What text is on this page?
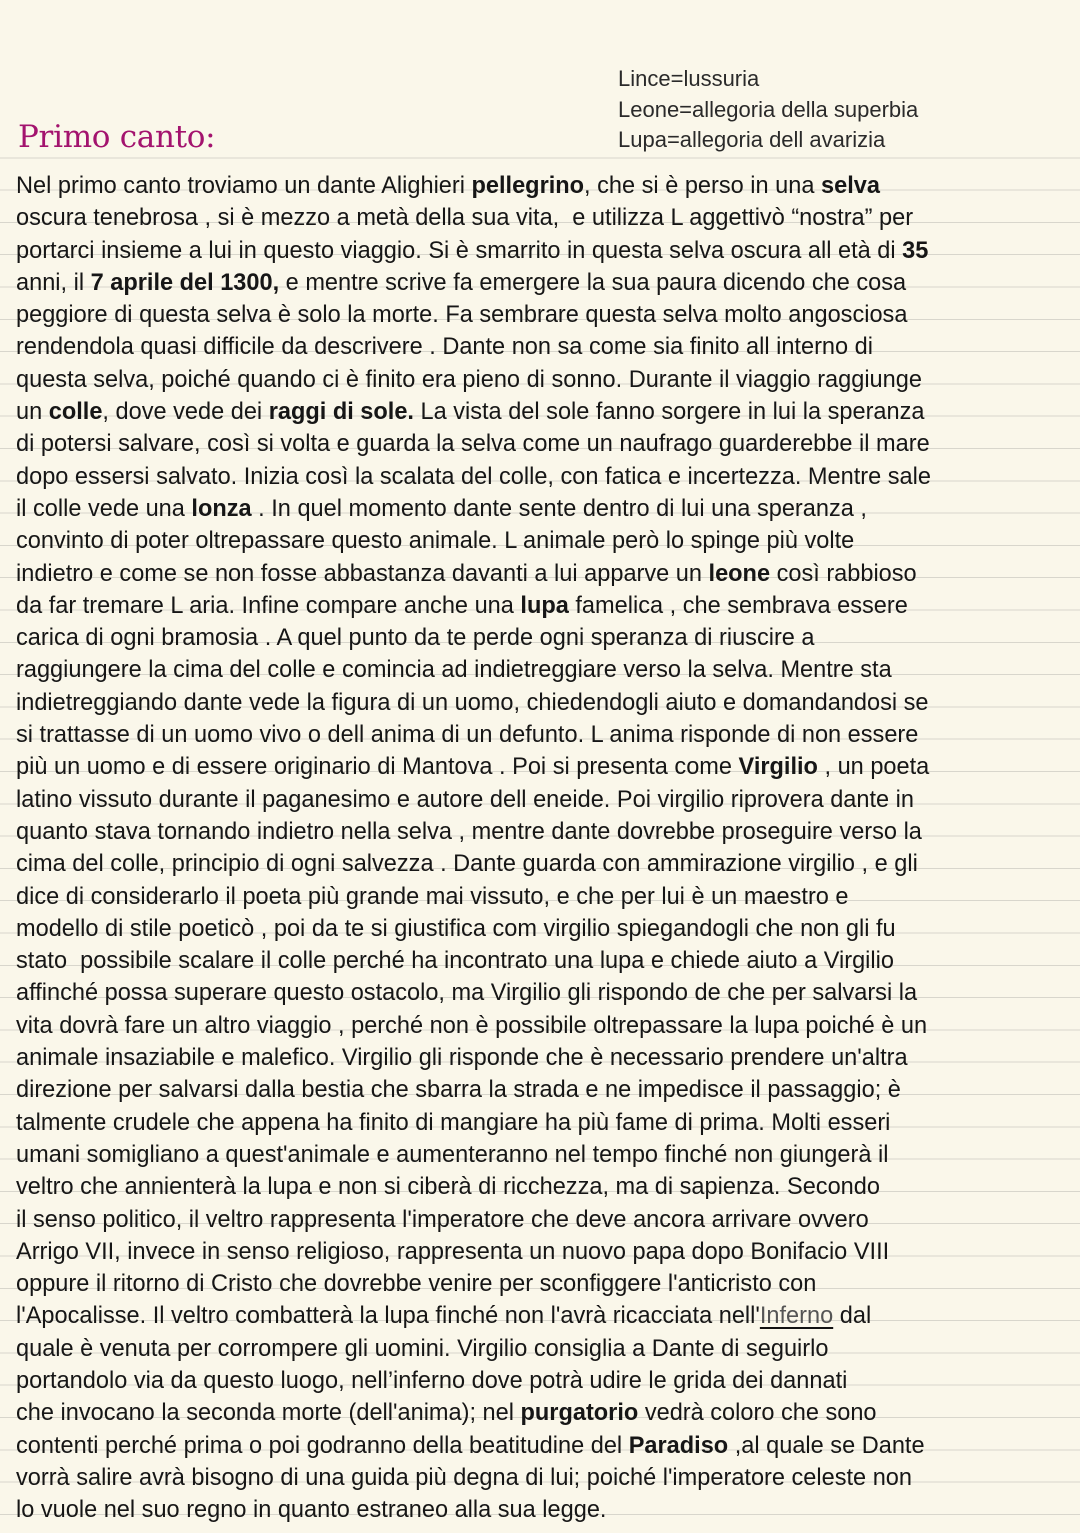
Lince=lussuria
Leone=allegoria della superbia
Lupa=allegoria dell avarizia
Primo canto:
Nel primo canto troviamo un dante Alighieri pellegrino, che si è perso in una selva
oscura tenebrosa , si è mezzo a metà della sua vita,  e utilizza L aggettivò “nostra” per
portarci insieme a lui in questo viaggio. Si è smarrito in questa selva oscura all età di 35
anni, il 7 aprile del 1300, e mentre scrive fa emergere la sua paura dicendo che cosa
peggiore di questa selva è solo la morte. Fa sembrare questa selva molto angosciosa
rendendola quasi difficile da descrivere . Dante non sa come sia finito all interno di
questa selva, poiché quando ci è finito era pieno di sonno. Durante il viaggio raggiunge
un colle, dove vede dei raggi di sole. La vista del sole fanno sorgere in lui la speranza
di potersi salvare, così si volta e guarda la selva come un naufrago guarderebbe il mare
dopo essersi salvato. Inizia così la scalata del colle, con fatica e incertezza. Mentre sale
il colle vede una lonza . In quel momento dante sente dentro di lui una speranza ,
convinto di poter oltrepassare questo animale. L animale però lo spinge più volte
indietro e come se non fosse abbastanza davanti a lui apparve un leone così rabbioso
da far tremare L aria. Infine compare anche una lupa famelica , che sembrava essere
carica di ogni bramosia . A quel punto da te perde ogni speranza di riuscire a
raggiungere la cima del colle e comincia ad indietreggiare verso la selva. Mentre sta
indietreggiando dante vede la figura di un uomo, chiedendogli aiuto e domandandosi se
si trattasse di un uomo vivo o dell anima di un defunto. L anima risponde di non essere
più un uomo e di essere originario di Mantova . Poi si presenta come Virgilio , un poeta
latino vissuto durante il paganesimo e autore dell eneide. Poi virgilio riprovera dante in
quanto stava tornando indietro nella selva , mentre dante dovrebbe proseguire verso la
cima del colle, principio di ogni salvezza . Dante guarda con ammirazione virgilio , e gli
dice di considerarlo il poeta più grande mai vissuto, e che per lui è un maestro e
modello di stile poeticò , poi da te si giustifica com virgilio spiegandogli che non gli fu
stato  possibile scalare il colle perché ha incontrato una lupa e chiede aiuto a Virgilio
affinché possa superare questo ostacolo, ma Virgilio gli rispondo de che per salvarsi la
vita dovrà fare un altro viaggio , perché non è possibile oltrepassare la lupa poiché è un
animale insaziabile e malefico. Virgilio gli risponde che è necessario prendere un'altra
direzione per salvarsi dalla bestia che sbarra la strada e ne impedisce il passaggio; è
talmente crudele che appena ha finito di mangiare ha più fame di prima. Molti esseri
umani somigliano a quest'animale e aumenteranno nel tempo finché non giungerà il
veltro che annienterà la lupa e non si ciberà di ricchezza, ma di sapienza. Secondo
il senso politico, il veltro rappresenta l'imperatore che deve ancora arrivare ovvero
Arrigo VII, invece in senso religioso, rappresenta un nuovo papa dopo Bonifacio VIII
oppure il ritorno di Cristo che dovrebbe venire per sconfiggere l'anticristo con
l'Apocalisse. Il veltro combatterà la lupa finché non l'avrà ricacciata nell'Inferno dal
quale è venuta per corrompere gli uomini. Virgilio consiglia a Dante di seguirlo
portandolo via da questo luogo, nell’inferno dove potrà udire le grida dei dannati
che invocano la seconda morte (dell'anima); nel purgatorio vedrà coloro che sono
contenti perché prima o poi godranno della beatitudine del Paradiso ,al quale se Dante
vorrà salire avrà bisogno di una guida più degna di lui; poiché l'imperatore celeste non
lo vuole nel suo regno in quanto estraneo alla sua legge.
